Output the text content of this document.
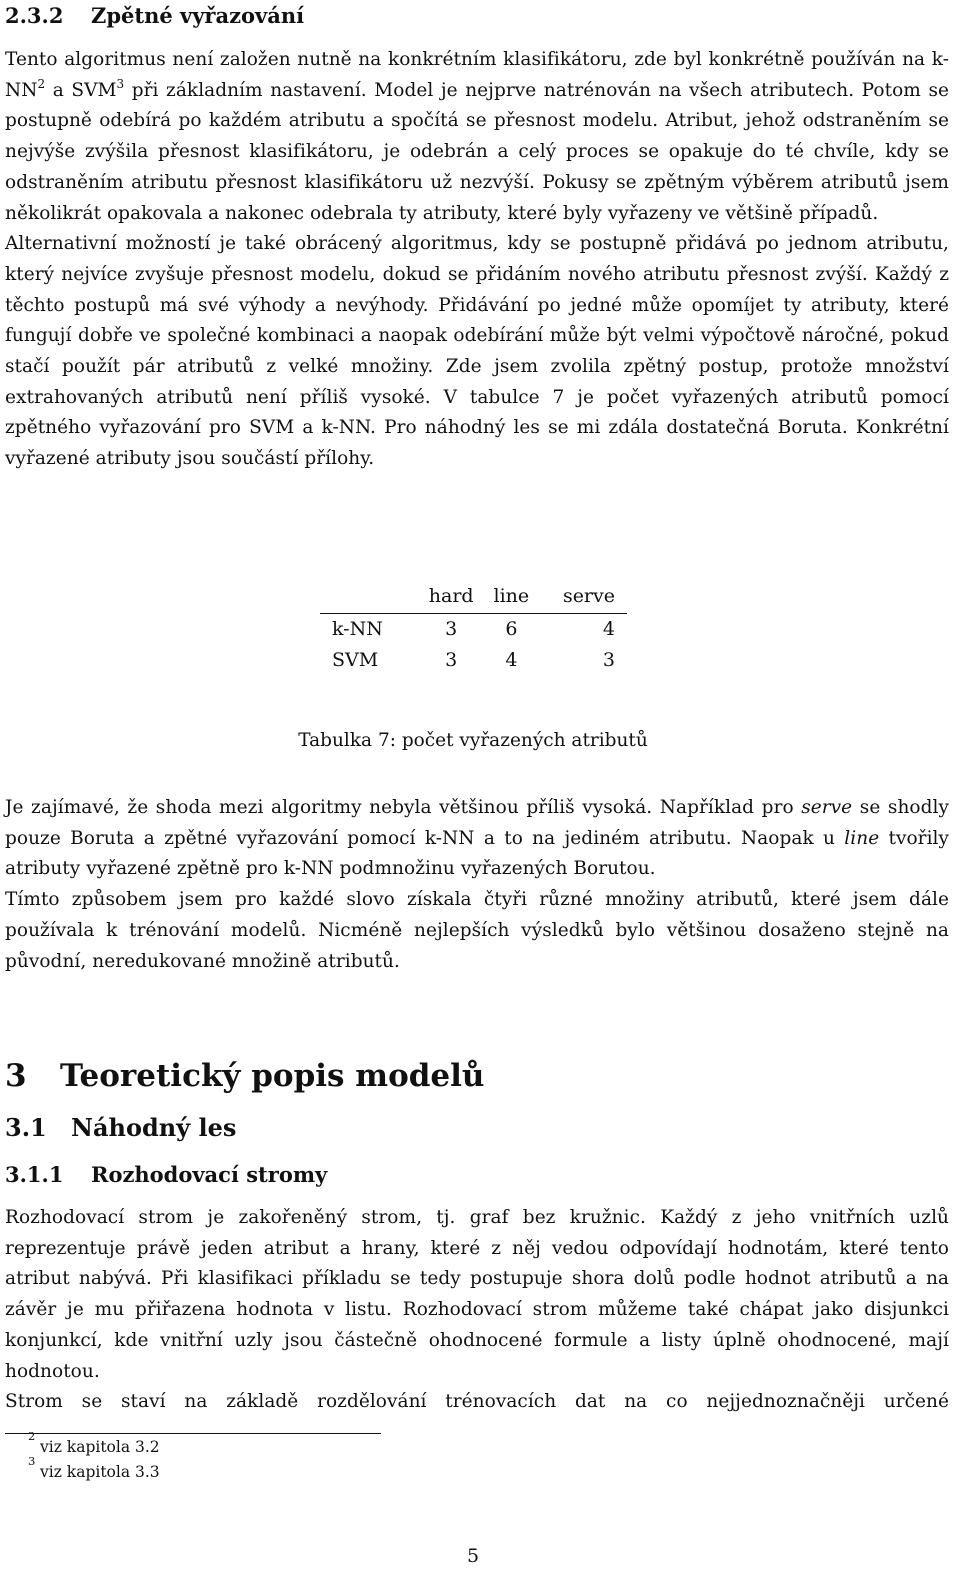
2.3.2 Zpětné vyřazování

Tento algoritmus není založen nutně na konkrétním klasifikátoru, zde byl konkrétně používán na $k-NN^2$ a SVM$^3$ při základním nastavení. Model je nejprve natrénován na všech atributech. Potom se postupně odebírá po každém atributu a spočítá se přesnost modelu. Atribut, jehož odstraněním se nejvýše zvýšila přesnost klasifikátoru, je odebrán a celý proces se opakuje do té chvíle, kdy se odstraněním atributu přesnost klasifikátoru už nezvýší. Pokusy se zpětným výběrem atributů jsem několikrát opakovala a nakonec odebrala ty atributy, které byly vyřazeny ve většině případů.

Alternativní možností je také obrácený algoritmus, kdy se postupně přidává po jednom atributu, který nejvíce zvyšuje přesnost modelu, dokud se přidáním nového atributu přesnost zvýší. Každý z těchto postupů má své výhody a nevýhody. Přidávání po jedné může opomíjet ty atributy, které fungují dobře ve společné kombinaci a naopak odebírání může být velmi výpočtově náročné, pokud stačí použít pár atributů z velké množiny. Zde jsem zvolila zpětný postup, protože množství extrahovaných atributů není příliš vysoké. V tabulce 7 je počet vyřazených atributů pomocí zpětného vyřazování pro SVM a k-NN. Pro náhodný les se mi zdála dostatečná Boruta. Konkrétní vyřazené atributy jsou součástí přílohy.

	hard	line	serve
k-NN	3	6	4
SVM	3	4	3
Tabulka 7: počet vyřazených atributů

Je zajímavé, že shoda mezi algoritmy nebyla většinou příliš vysoká. Například pro serve se shodly pouze Boruta a zpětné vyřazování pomocí k-NN a to na jediném atributu. Naopak u line tvořily atributy vyřazené zpětně pro k-NN podmnožinu vyřazených Borutou.

Tímto způsobem jsem pro každé slovo získala čtyři různé množiny atributů, které jsem dále používala k trénování modelů. Nicméně nejlepších výsledků bylo většinou dosaženo stejně na původní, neredukované množině atributů.

3 Teoretický popis modelů
3.1 Náhodný les
3.1.1 Rozhodovací stromy

Rozhodovací strom je zakořeněný strom, tj. graf bez kružnic. Každý z jeho vnitřních uzlů reprezentuje právě jeden atribut a hrany, které z něj vedou odpovídají hodnotám, které tento atribut nabývá. Při klasifikaci příkladu se tedy postupuje shora dolů podle hodnot atributů a na závěr je mu přiřazena hodnota v listu. Rozhodovací strom můžeme také chápat jako disjunkci konjunkcí, kde vnitřní uzly jsou částečně ohodnocené formule a listy úplně ohodnocené, mají hodnotou.

Strom se staví na základě rozdělování trénovacích dat na co nejjednoznačněji určené

2
viz kapitola 3.2
3
viz kapitola 3.3
5
